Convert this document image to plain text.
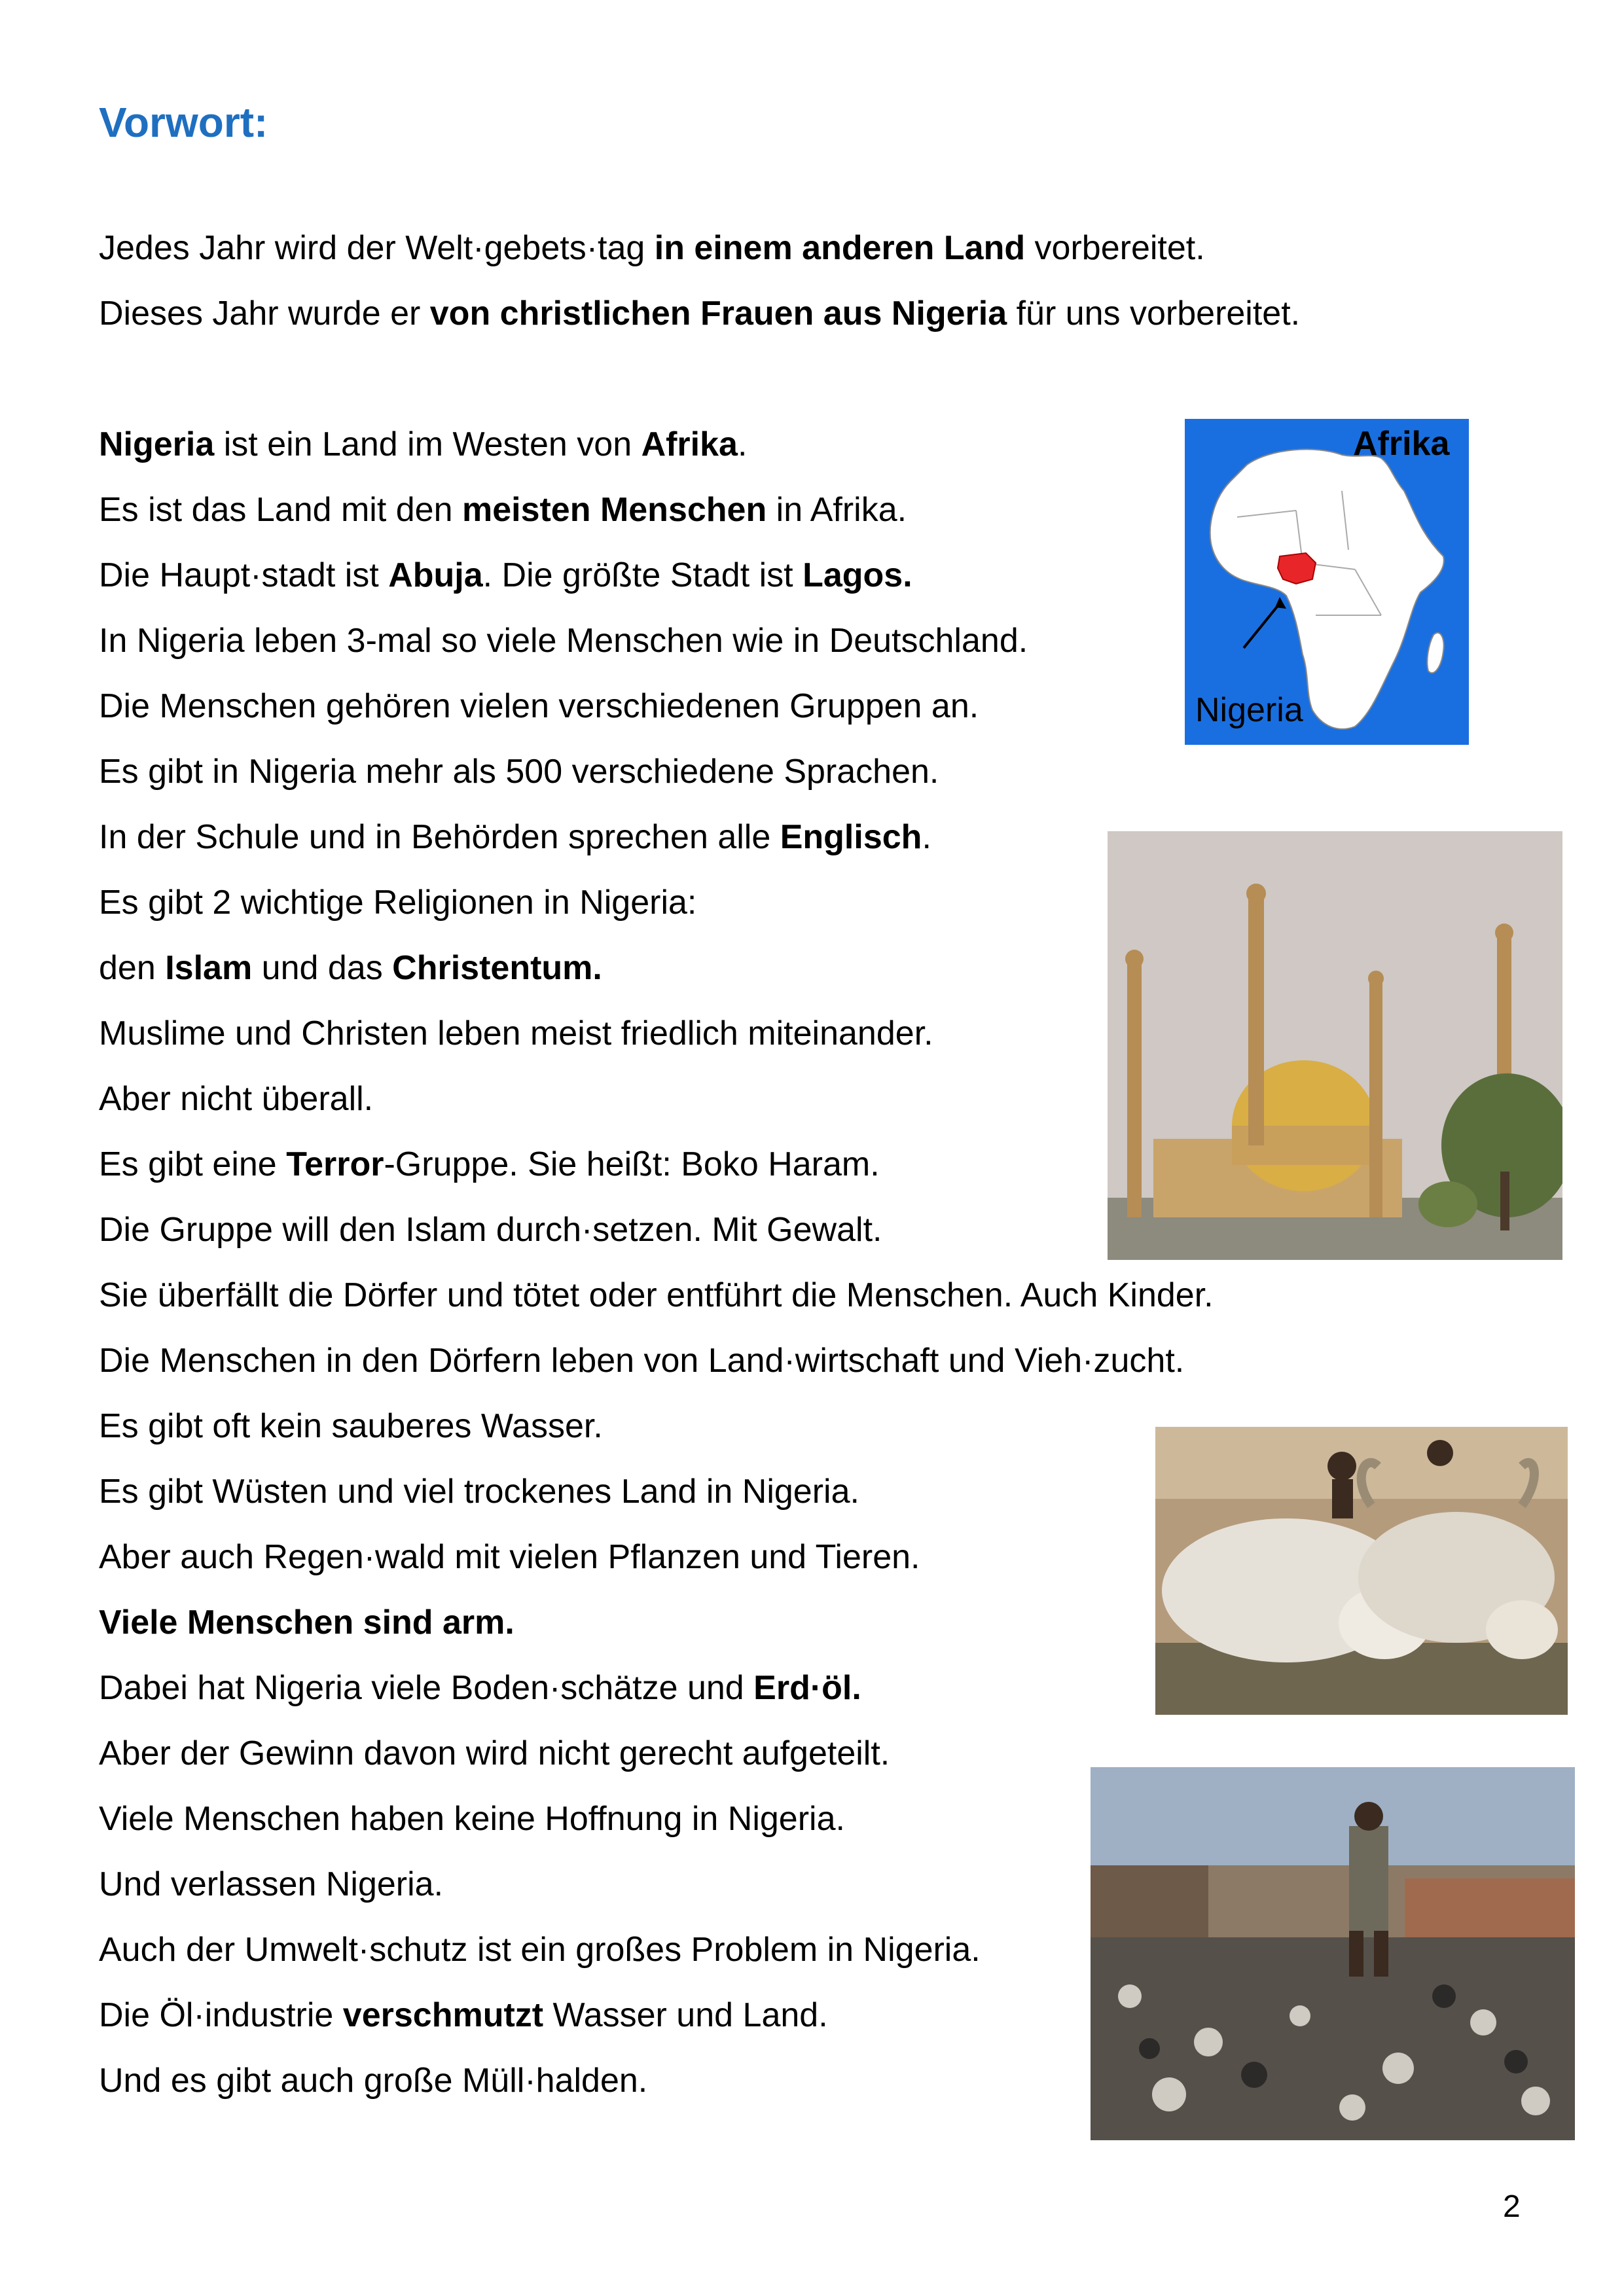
Vorwort:
Jedes Jahr wird der Welt·gebets·tag in einem anderen Land vorbereitet.
Dieses Jahr wurde er von christlichen Frauen aus Nigeria für uns vorbereitet.
Nigeria ist ein Land im Westen von Afrika.
Es ist das Land mit den meisten Menschen in Afrika.
Die Haupt·stadt ist Abuja. Die größte Stadt ist Lagos.
In Nigeria leben 3-mal so viele Menschen wie in Deutschland.
Die Menschen gehören vielen verschiedenen Gruppen an.
Es gibt in Nigeria mehr als 500 verschiedene Sprachen.
In der Schule und in Behörden sprechen alle Englisch.
Es gibt 2 wichtige Religionen in Nigeria:
den Islam und das Christentum.
Muslime und Christen leben meist friedlich miteinander.
Aber nicht überall.
Es gibt eine Terror-Gruppe. Sie heißt: Boko Haram.
Die Gruppe will den Islam durch·setzen. Mit Gewalt.
Sie überfällt die Dörfer und tötet oder entführt die Menschen. Auch Kinder.
Die Menschen in den Dörfern leben von Land·wirtschaft und Vieh·zucht.
Es gibt oft kein sauberes Wasser.
Es gibt Wüsten und viel trockenes Land in Nigeria.
Aber auch Regen·wald mit vielen Pflanzen und Tieren.
Viele Menschen sind arm.
Dabei hat Nigeria viele Boden·schätze und Erd·öl.
Aber der Gewinn davon wird nicht gerecht aufgeteilt.
Viele Menschen haben keine Hoffnung in Nigeria.
Und verlassen Nigeria.
Auch der Umwelt·schutz ist ein großes Problem in Nigeria.
Die Öl·industrie verschmutzt Wasser und Land.
Und es gibt auch große Müll·halden.
Afrika
Nigeria
2
